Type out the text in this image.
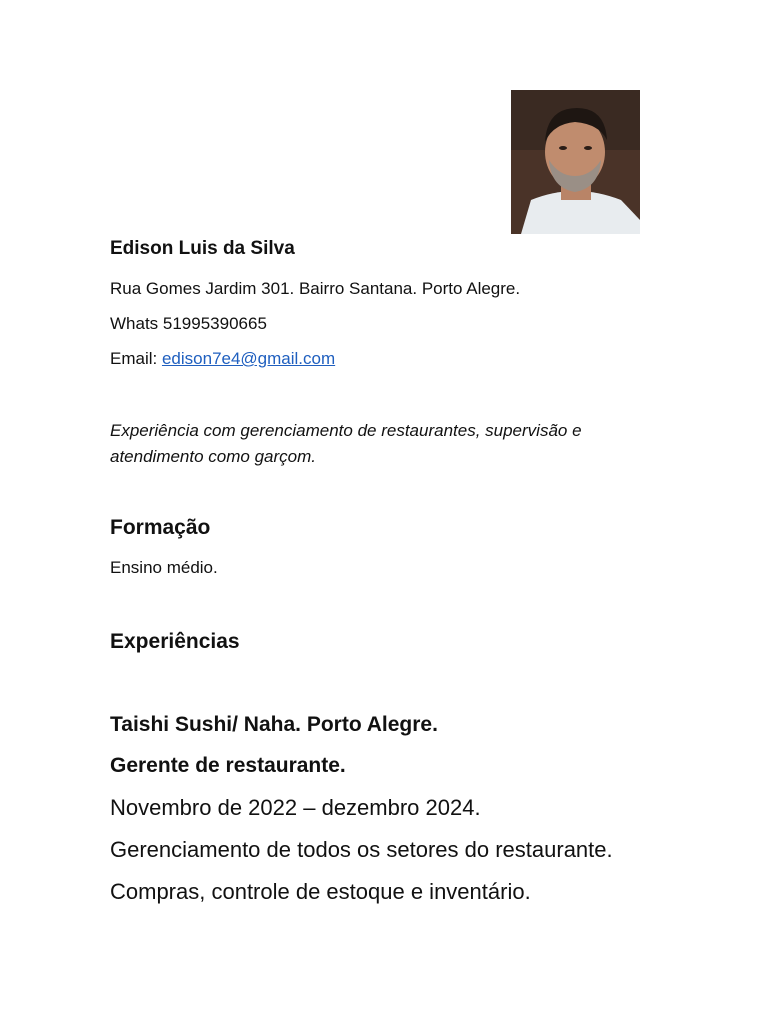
Edison Luis da Silva
Rua Gomes Jardim 301. Bairro Santana. Porto Alegre.
Whats 51995390665
Email: edison7e4@gmail.com
Experiência com gerenciamento de restaurantes, supervisão e atendimento como garçom.
Formação
Ensino médio.
Experiências
Taishi Sushi/ Naha. Porto Alegre.
Gerente de restaurante.
Novembro de 2022 – dezembro 2024.
Gerenciamento de todos os setores do restaurante.
Compras, controle de estoque e inventário.
